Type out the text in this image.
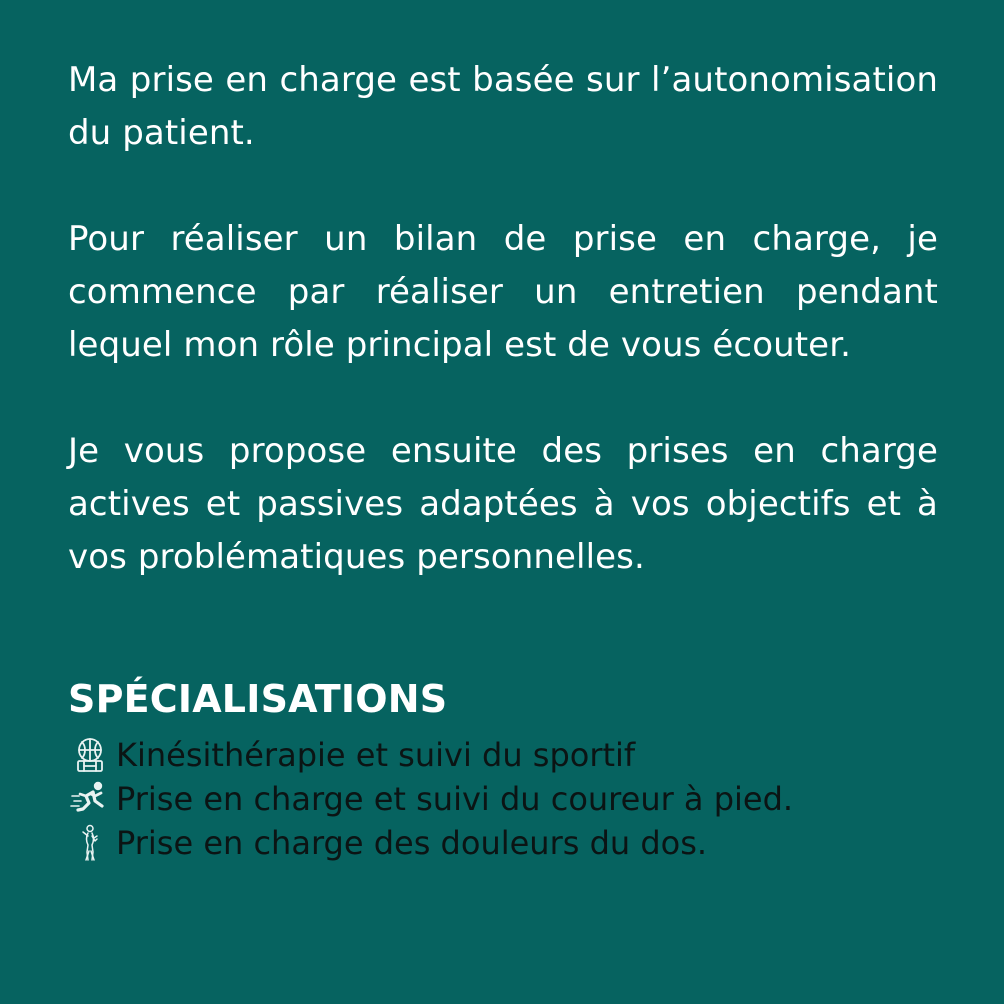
Ma prise en charge est basée sur l’autonomisation du patient.

Pour réaliser un bilan de prise en charge, je commence par réaliser un entretien pendant lequel mon rôle principal est de vous écouter.

Je vous propose ensuite des prises en charge actives et passives adaptées à vos objectifs et à vos problématiques personnelles.

SPÉCIALISATIONS
Kinésithérapie et suivi du sportif
Prise en charge et suivi du coureur à pied.
Prise en charge des douleurs du dos.
